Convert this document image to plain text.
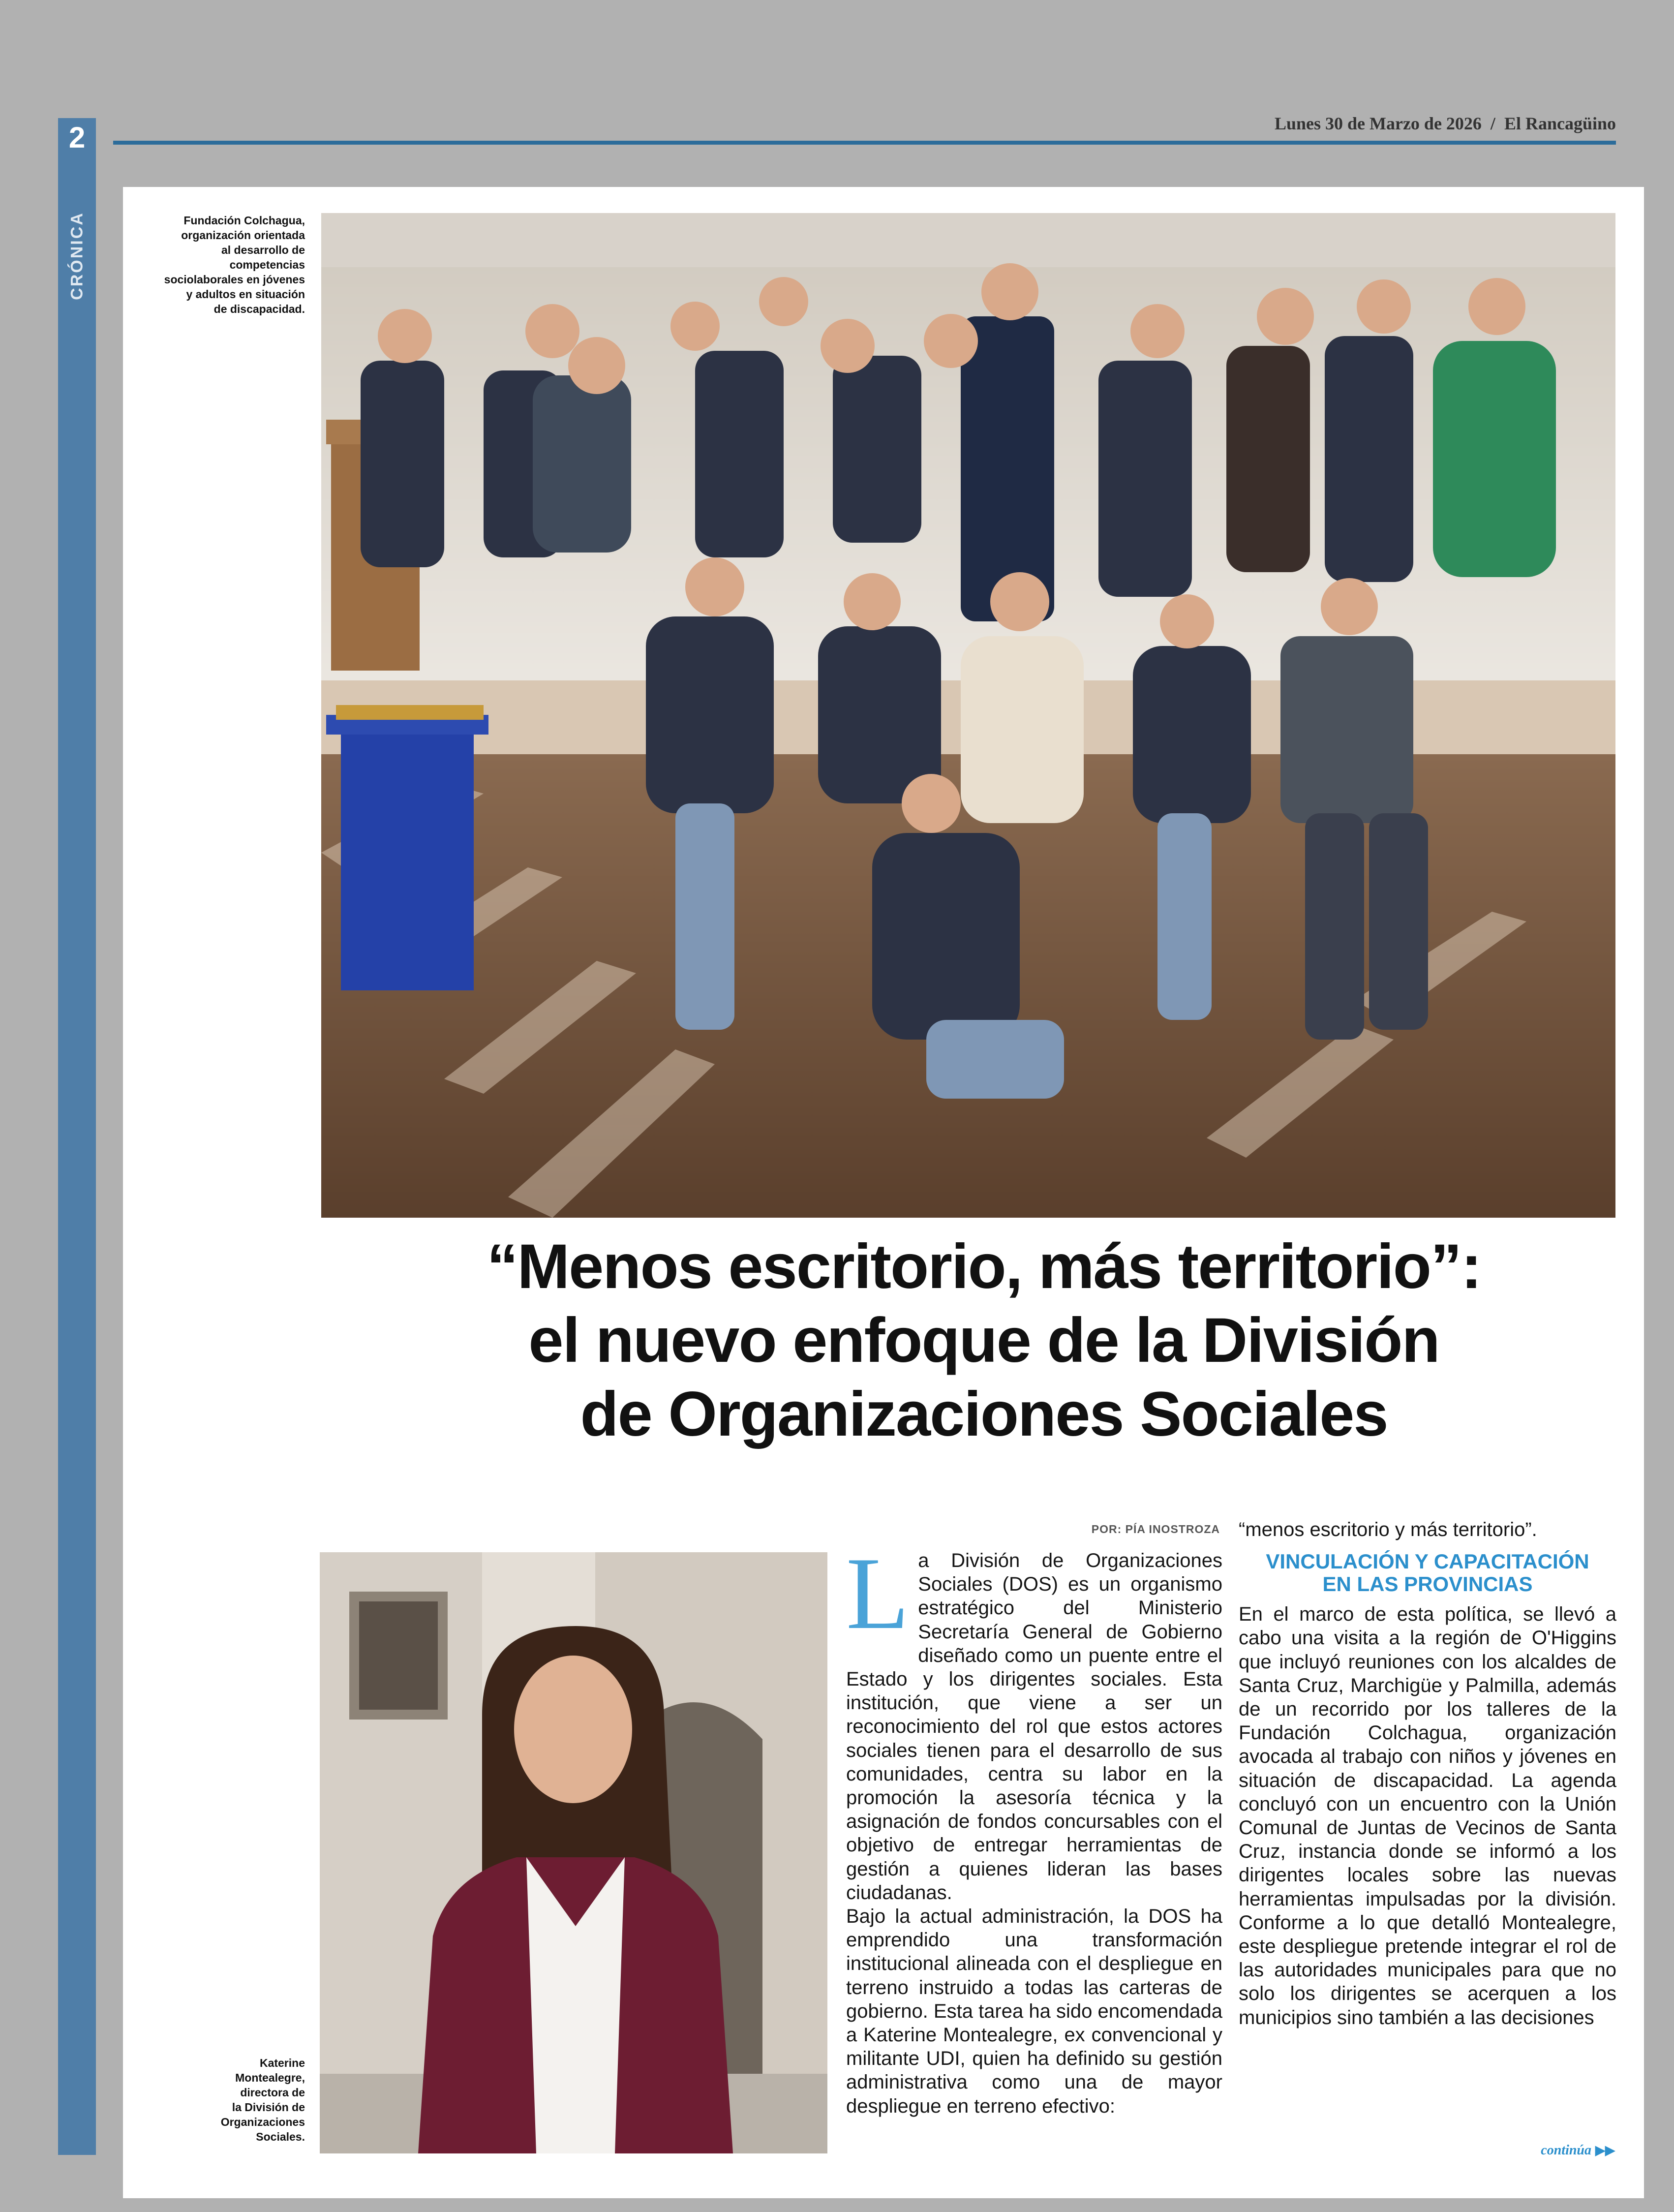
2
CRÓNICA
Lunes 30 de Marzo de 2026 / El Rancagüino
Fundación Colchagua,
organización orientada
al desarrollo de
competencias
sociolaborales en jóvenes
y adultos en situación
de discapacidad.
“Menos escritorio, más territorio”:
el nuevo enfoque de la División
de Organizaciones Sociales
Katerine
Montealegre,
directora de
la División de
Organizaciones
Sociales.
POR: PÍA INOSTROZA
L a División de Organizaciones Sociales (DOS) es un organismo estratégico del Ministerio Secretaría General de Gobierno diseñado como un puente entre el Estado y los dirigentes sociales. Esta institución, que viene a ser un reconocimiento del rol que estos actores sociales tienen para el desarrollo de sus comunidades, centra su labor en la promoción la asesoría técnica y la asignación de fondos concursables con el objetivo de entregar herramientas de gestión a quienes lideran las bases ciudadanas.

Bajo la actual administración, la DOS ha emprendido una transformación institucional alineada con el despliegue en terreno instruido a todas las carteras de gobierno. Esta tarea ha sido encomendada a Katerine Montealegre, ex convencional y militante UDI, quien ha definido su gestión administrativa como una de mayor despliegue en terreno efectivo:

“menos escritorio y más territorio”.

VINCULACIÓN Y CAPACITACIÓN
EN LAS PROVINCIAS

En el marco de esta política, se llevó a cabo una visita a la región de O'Higgins que incluyó reuniones con los alcaldes de Santa Cruz, Marchigüe y Palmilla, además de un recorrido por los talleres de la Fundación Colchagua, organización avocada al trabajo con niños y jóvenes en situación de discapacidad. La agenda concluyó con un encuentro con la Unión Comunal de Juntas de Vecinos de Santa Cruz, instancia donde se informó a los dirigentes locales sobre las nuevas herramientas impulsadas por la división. Conforme a lo que detalló Montealegre, este despliegue pretende integrar el rol de las autoridades municipales para que no solo los dirigentes se acerquen a los municipios sino también a las decisiones

continúa ▶▶
